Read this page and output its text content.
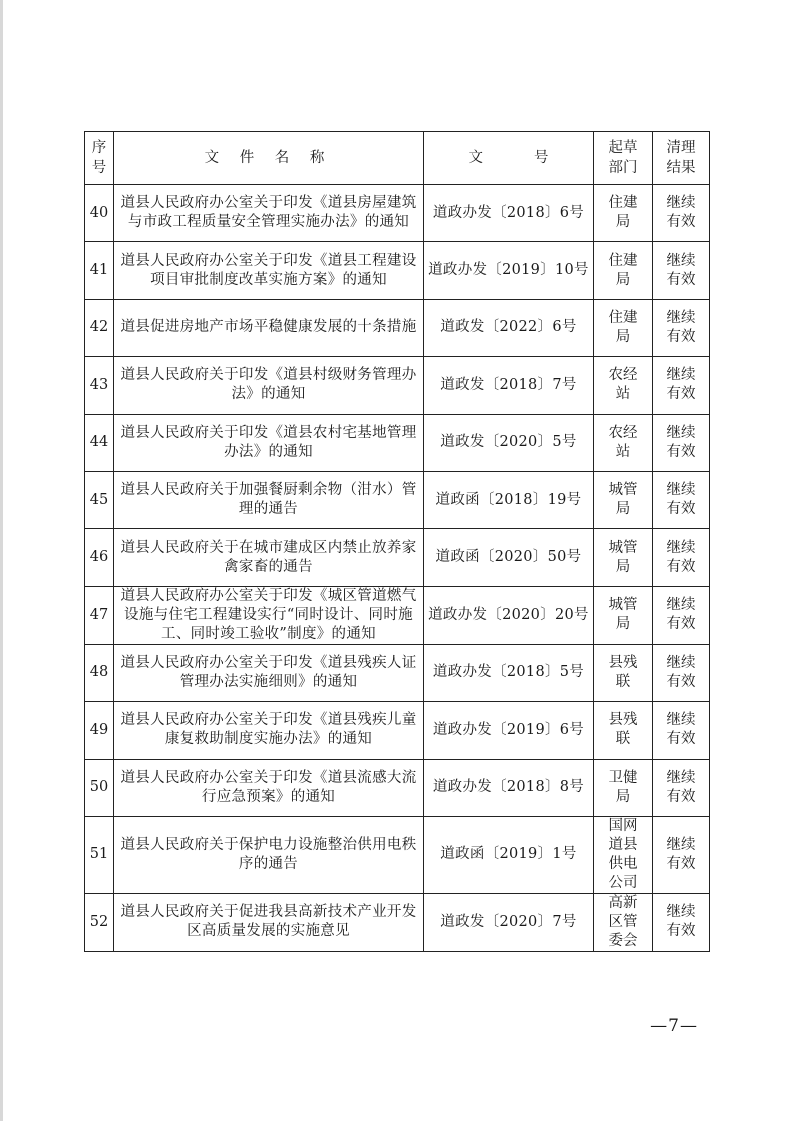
序号	文 件 名 称	文 号	起草部门	清理结果
40	道县人民政府办公室关于印发《道县房屋建筑与市政工程质量安全管理实施办法》的通知	道政办发〔2018〕6号	住建局	继续有效
41	道县人民政府办公室关于印发《道县工程建设项目审批制度改革实施方案》的通知	道政办发〔2019〕10号	住建局	继续有效
42	道县促进房地产市场平稳健康发展的十条措施	道政发〔2022〕6号	住建局	继续有效
43	道县人民政府关于印发《道县村级财务管理办法》的通知	道政发〔2018〕7号	农经站	继续有效
44	道县人民政府关于印发《道县农村宅基地管理办法》的通知	道政发〔2020〕5号	农经站	继续有效
45	道县人民政府关于加强餐厨剩余物（泔水）管理的通告	道政函〔2018〕19号	城管局	继续有效
46	道县人民政府关于在城市建成区内禁止放养家禽家畜的通告	道政函〔2020〕50号	城管局	继续有效
47	道县人民政府办公室关于印发《城区管道燃气设施与住宅工程建设实行“同时设计、同时施工、同时竣工验收”制度》的通知	道政办发〔2020〕20号	城管局	继续有效
48	道县人民政府办公室关于印发《道县残疾人证管理办法实施细则》的通知	道政办发〔2018〕5号	县残联	继续有效
49	道县人民政府办公室关于印发《道县残疾儿童康复救助制度实施办法》的通知	道政办发〔2019〕6号	县残联	继续有效
50	道县人民政府办公室关于印发《道县流感大流行应急预案》的通知	道政办发〔2018〕8号	卫健局	继续有效
51	道县人民政府关于保护电力设施整治供用电秩序的通告	道政函〔2019〕1号	国网道县供电公司	继续有效
52	道县人民政府关于促进我县高新技术产业开发区高质量发展的实施意见	道政发〔2020〕7号	高新区管委会	继续有效
—7—
